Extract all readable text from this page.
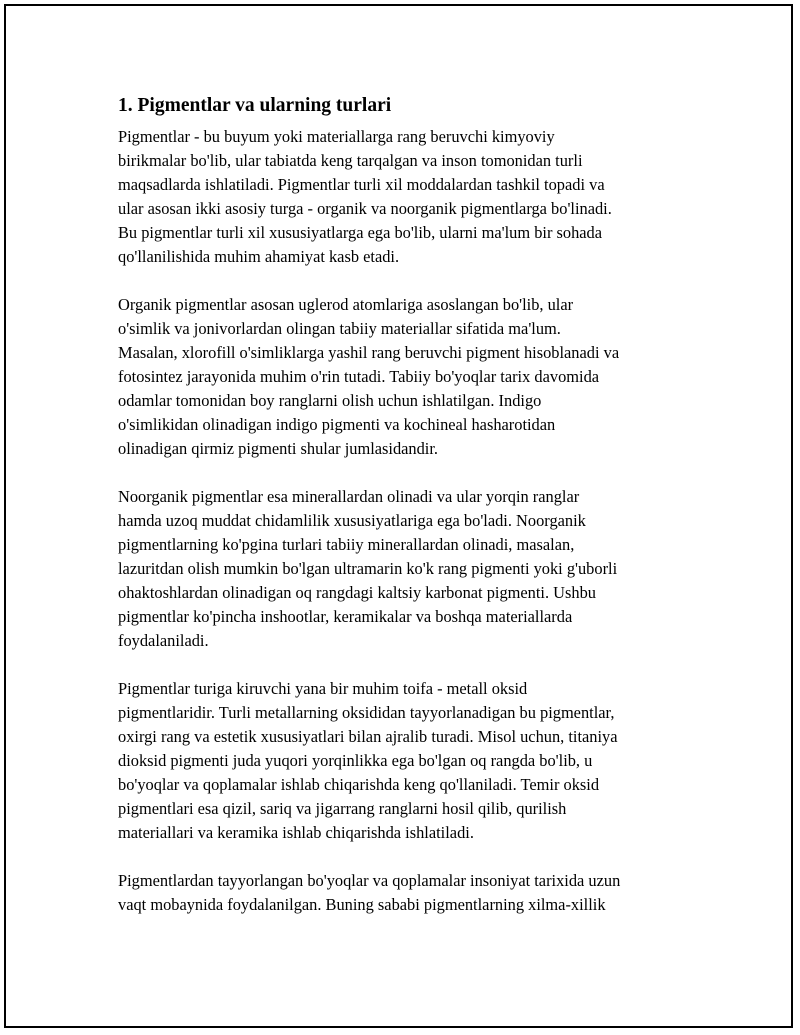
1. Pigmentlar va ularning turlari

Pigmentlar - bu buyum yoki materiallarga rang beruvchi kimyoviy
birikmalar bo'lib, ular tabiatda keng tarqalgan va inson tomonidan turli
maqsadlarda ishlatiladi. Pigmentlar turli xil moddalardan tashkil topadi va
ular asosan ikki asosiy turga - organik va noorganik pigmentlarga bo'linadi.
Bu pigmentlar turli xil xususiyatlarga ega bo'lib, ularni ma'lum bir sohada
qo'llanilishida muhim ahamiyat kasb etadi.

Organik pigmentlar asosan uglerod atomlariga asoslangan bo'lib, ular
o'simlik va jonivorlardan olingan tabiiy materiallar sifatida ma'lum.
Masalan, xlorofill o'simliklarga yashil rang beruvchi pigment hisoblanadi va
fotosintez jarayonida muhim o'rin tutadi. Tabiiy bo'yoqlar tarix davomida
odamlar tomonidan boy ranglarni olish uchun ishlatilgan. Indigo
o'simlikidan olinadigan indigo pigmenti va kochineal hasharotidan
olinadigan qirmiz pigmenti shular jumlasidandir.

Noorganik pigmentlar esa minerallardan olinadi va ular yorqin ranglar
hamda uzoq muddat chidamlilik xususiyatlariga ega bo'ladi. Noorganik
pigmentlarning ko'pgina turlari tabiiy minerallardan olinadi, masalan,
lazuritdan olish mumkin bo'lgan ultramarin ko'k rang pigmenti yoki g'uborli
ohaktoshlardan olinadigan oq rangdagi kaltsiy karbonat pigmenti. Ushbu
pigmentlar ko'pincha inshootlar, keramikalar va boshqa materiallarda
foydalaniladi.

Pigmentlar turiga kiruvchi yana bir muhim toifa - metall oksid
pigmentlaridir. Turli metallarning oksididan tayyorlanadigan bu pigmentlar,
oxirgi rang va estetik xususiyatlari bilan ajralib turadi. Misol uchun, titaniya
dioksid pigmenti juda yuqori yorqinlikka ega bo'lgan oq rangda bo'lib, u
bo'yoqlar va qoplamalar ishlab chiqarishda keng qo'llaniladi. Temir oksid
pigmentlari esa qizil, sariq va jigarrang ranglarni hosil qilib, qurilish
materiallari va keramika ishlab chiqarishda ishlatiladi.

Pigmentlardan tayyorlangan bo'yoqlar va qoplamalar insoniyat tarixida uzun
vaqt mobaynida foydalanilgan. Buning sababi pigmentlarning xilma-xillik
